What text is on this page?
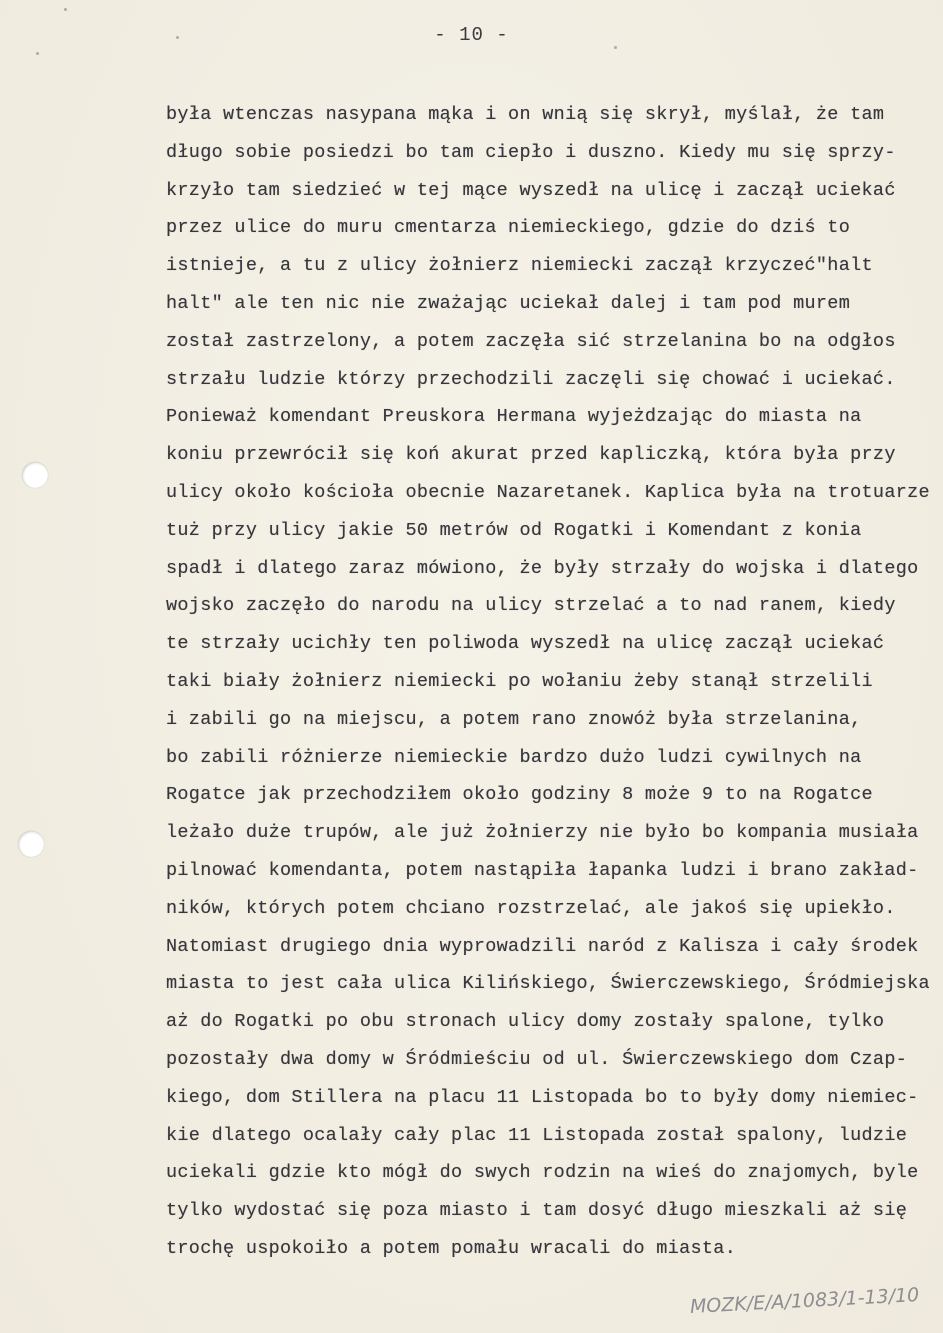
- 10 -
była wtenczas nasypana mąka i on wnią się skrył, myślał, że tam
długo sobie posiedzi bo tam ciepło i duszno. Kiedy mu się sprzy-
krzyło tam siedzieć w tej mące wyszedł na ulicę i zaczął uciekać
przez ulice do muru cmentarza niemieckiego, gdzie do dziś to
istnieje, a tu z ulicy żołnierz niemiecki zaczął krzyczeć"halt
halt" ale ten nic nie zważając uciekał dalej i tam pod murem
został zastrzelony, a potem zaczęła sić strzelanina bo na odgłos
strzału ludzie którzy przechodzili zaczęli się chować i uciekać.
Ponieważ komendant Preuskora Hermana wyjeżdzając do miasta na
koniu przewrócił się koń akurat przed kapliczką, która była przy
ulicy około kościoła obecnie Nazaretanek. Kaplica była na trotuarze
tuż przy ulicy jakie 50 metrów od Rogatki i Komendant z konia
spadł i dlatego zaraz mówiono, że były strzały do wojska i dlatego
wojsko zaczęło do narodu na ulicy strzelać a to nad ranem, kiedy
te strzały ucichły ten poliwoda wyszedł na ulicę zaczął uciekać
taki biały żołnierz niemiecki po wołaniu żeby stanął strzelili
i zabili go na miejscu, a potem rano znowóż była strzelanina,
bo zabili różnierze niemieckie bardzo dużo ludzi cywilnych na
Rogatce jak przechodziłem około godziny 8 może 9 to na Rogatce
leżało duże trupów, ale już żołnierzy nie było bo kompania musiała
pilnować komendanta, potem nastąpiła łapanka ludzi i brano zakład-
ników, których potem chciano rozstrzelać, ale jakoś się upiekło.
Natomiast drugiego dnia wyprowadzili naród z Kalisza i cały środek
miasta to jest cała ulica Kilińskiego, Świerczewskiego, Śródmiejska
aż do Rogatki po obu stronach ulicy domy zostały spalone, tylko
pozostały dwa domy w Śródmieściu od ul. Świerczewskiego dom Czap-
kiego, dom Stillera na placu 11 Listopada bo to były domy niemiec-
kie dlatego ocalały cały plac 11 Listopada został spalony, ludzie
uciekali gdzie kto mógł do swych rodzin na wieś do znajomych, byle
tylko wydostać się poza miasto i tam dosyć długo mieszkali aż się
trochę uspokoiło a potem pomału wracali do miasta.
MOZK/E/A/1083/1-13/10
